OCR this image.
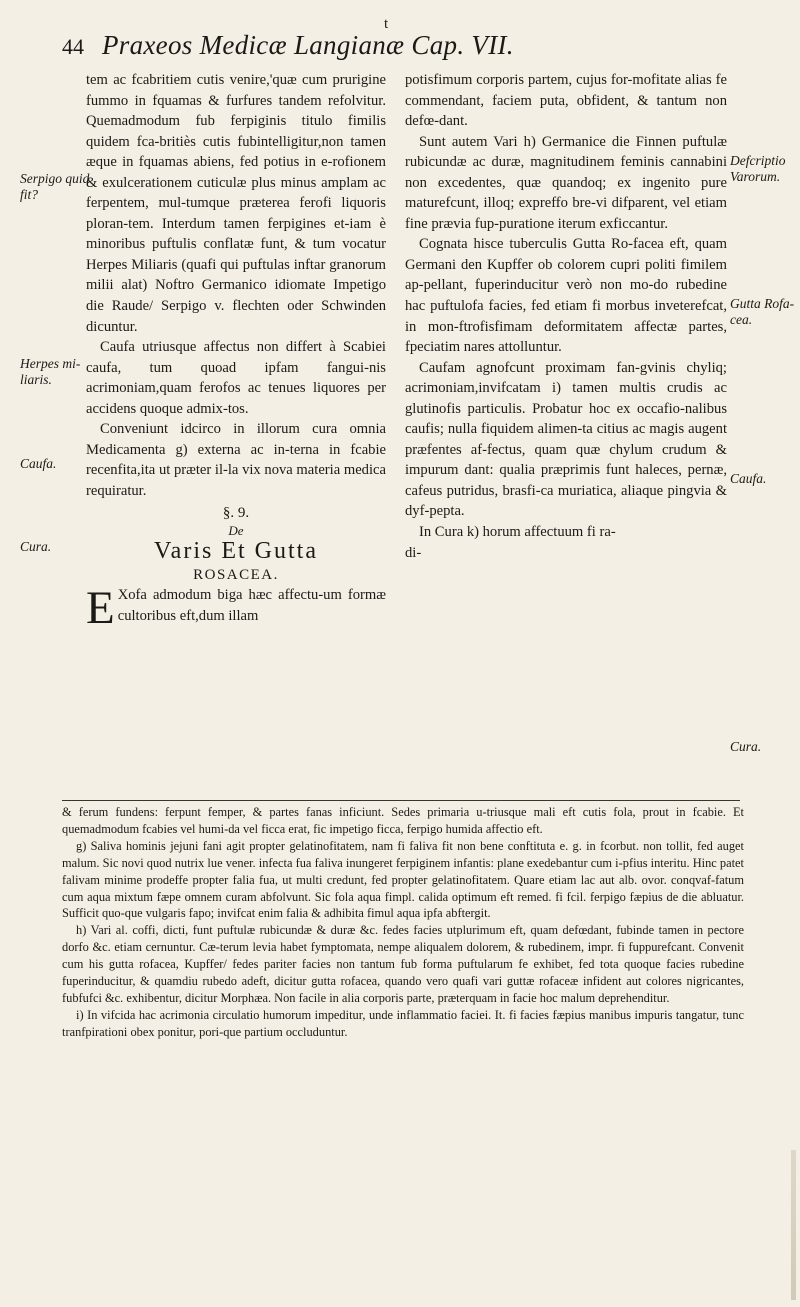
t
44 Praxeos Medicæ Langianæ Cap. VII.
Serpigo quid
fit?
Herpes mi-
liaris.
Caufa.
Cura.
Defcriptio
Varorum.
Gutta Rofa-
cea.
Caufa.
Cura.

tem ac fcabritiem cutis venire,'quæ cum prurigine fummo in fquamas & furfures tandem refolvitur. Quemadmodum fub ferpiginis titulo fimilis quidem fca-britiès cutis fubintelligitur,non tamen æque in fquamas abiens, fed potius in e-rofionem & exulcerationem cuticulæ plus minus amplam ac ferpentem, mul-tumque præterea ferofi liquoris ploran-tem. Interdum tamen ferpigines et-iam è minoribus puftulis conflatæ funt, & tum vocatur Herpes Miliaris (quafi qui puftulas inftar granorum milii alat) Noftro Germanico idiomate Impetigo die Raude/ Serpigo v. flechten oder Schwinden dicuntur.

Caufa utriusque affectus non differt à Scabiei caufa, tum quoad ipfam fangui-nis acrimoniam,quam ferofos ac tenues liquores per accidens quoque admix-tos.

Conveniunt idcirco in illorum cura omnia Medicamenta g) externa ac in-terna in fcabie recenfita,ita ut præter il-la vix nova materia medica requiratur.

§. 9.
De
Varis Et Gutta
ROSACEA.

E Xofa admodum biga hæc affectu-um formæ cultoribus eft,dum illam

potisfimum corporis partem, cujus for-mofitate alias fe commendant, faciem puta, obfident, & tantum non defœ-dant.

Sunt autem Vari h) Germanice die Finnen puftulæ rubicundæ ac duræ, magnitudinem feminis cannabini non excedentes, quæ quandoq; ex ingenito pure maturefcunt, illoq; expreffo bre-vi difparent, vel etiam fine prævia fup-puratione iterum exficcantur.

Cognata hisce tuberculis Gutta Ro-facea eft, quam Germani den Kupffer ob colorem cupri politi fimilem ap-pellant, fuperinducitur verò non mo-do rubedine hac puftulofa facies, fed etiam fi morbus inveterefcat, in mon-ftrofisfimam deformitatem affectæ partes, fpeciatim nares attolluntur.

Caufam agnofcunt proximam fan-gvinis chyliq; acrimoniam,invifcatam i) tamen multis crudis ac glutinofis particulis. Probatur hoc ex occafio-nalibus caufis; nulla fiquidem alimen-ta citius ac magis augent præfentes af-fectus, quam quæ chylum crudum & impurum dant: qualia præprimis funt haleces, pernæ, cafeus putridus, brasfi-ca muriatica, aliaque pingvia & dyf-pepta.

In Cura k) horum affectuum fi ra-

di-

& ferum fundens: ferpunt femper, & partes fanas inficiunt. Sedes primaria u-triusque mali eft cutis fola, prout in fcabie. Et quemadmodum fcabies vel humi-da vel ficca erat, fic impetigo ficca, ferpigo humida affectio eft.

g) Saliva hominis jejuni fani agit propter gelatinofitatem, nam fi faliva fit non bene conftituta e. g. in fcorbut. non tollit, fed auget malum. Sic novi quod nutrix lue vener. infecta fua faliva inungeret ferpiginem infantis: plane exedebantur cum i-pfius interitu. Hinc patet falivam minime prodeffe propter falia fua, ut multi credunt, fed propter gelatinofitatem. Quare etiam lac aut alb. ovor. conqvaf-fatum cum aqua mixtum fæpe omnem curam abfolvunt. Sic fola aqua fimpl. calida optimum eft remed. fi fcil. ferpigo fæpius de die abluatur. Sufficit quo-que vulgaris fapo; invifcat enim falia & adhibita fimul aqua ipfa abftergit.

h) Vari al. coffi, dicti, funt puftulæ rubicundæ & duræ &c. fedes facies utplurimum eft, quam defœdant, fubinde tamen in pectore dorfo &c. etiam cernuntur. Cæ-terum levia habet fymptomata, nempe aliqualem dolorem, & rubedinem, impr. fi fuppurefcant. Convenit cum his gutta rofacea, Kupffer/ fedes pariter facies non tantum fub forma puftularum fe exhibet, fed tota quoque facies rubedine fuperinducitur, & quamdiu rubedo adeft, dicitur gutta rofacea, quando vero quafi vari guttæ rofaceæ infident aut colores nigricantes, fubfufci &c. exhibentur, dicitur Morphæa. Non facile in alia corporis parte, præterquam in facie hoc malum deprehenditur.

i) In vifcida hac acrimonia circulatio humorum impeditur, unde inflammatio faciei. It. fi facies fæpius manibus impuris tangatur, tunc tranfpirationi obex ponitur, pori-que partium occluduntur.
